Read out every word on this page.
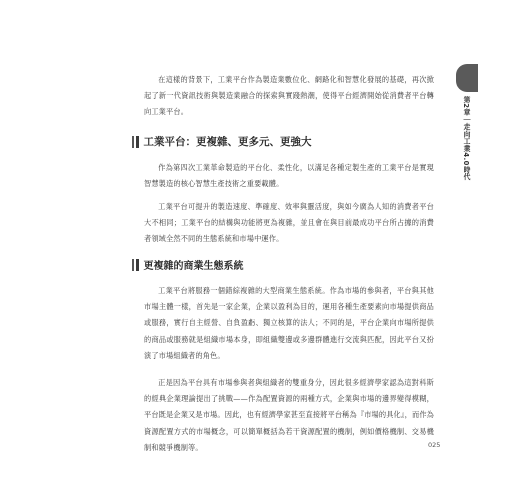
第2章｜走向工業4.0時代

在這樣的背景下，工業平台作為製造業數位化、網路化和智慧化發展的基礎，再次掀起了新一代資訊技術與製造業融合的探索與實踐熱潮，使得平台經濟開始從消費者平台轉向工業平台。

工業平台：更複雜、更多元、更強大

作為第四次工業革命製造的平台化、柔性化，以滿足各種定製生產的工業平台是實現智慧製造的核心智慧生產技術之重要載體。

工業平台可提升的製造速度、準確度、效率與靈活度，與如今廣為人知的消費者平台大不相同；工業平台的結構與功能將更為複雜，並且會在與目前最成功平台所占據的消費者領域全然不同的生態系統和市場中運作。

更複雜的商業生態系統

工業平台將服務一個錯綜複雜的大型商業生態系統。作為市場的參與者，平台與其他市場主體一樣，首先是一家企業，企業以盈利為目的，運用各種生產要素向市場提供商品或服務，實行自主經營、自負盈虧、獨立核算的法人；不同的是，平台企業向市場所提供的商品或服務就是組織市場本身，即組織雙邊或多邊群體進行交流與匹配，因此平台又扮演了市場組織者的角色。

正是因為平台具有市場參與者與組織者的雙重身分，因此很多經濟學家認為這對科斯的經典企業理論提出了挑戰——作為配置資源的兩種方式，企業與市場的邊界變得模糊，平台既是企業又是市場。因此，也有經濟學家甚至直接將平台稱為『市場的具化』，而作為資源配置方式的市場概念，可以簡單概括為若干資源配置的機制，例如價格機制、交易機制和競爭機制等。	025
